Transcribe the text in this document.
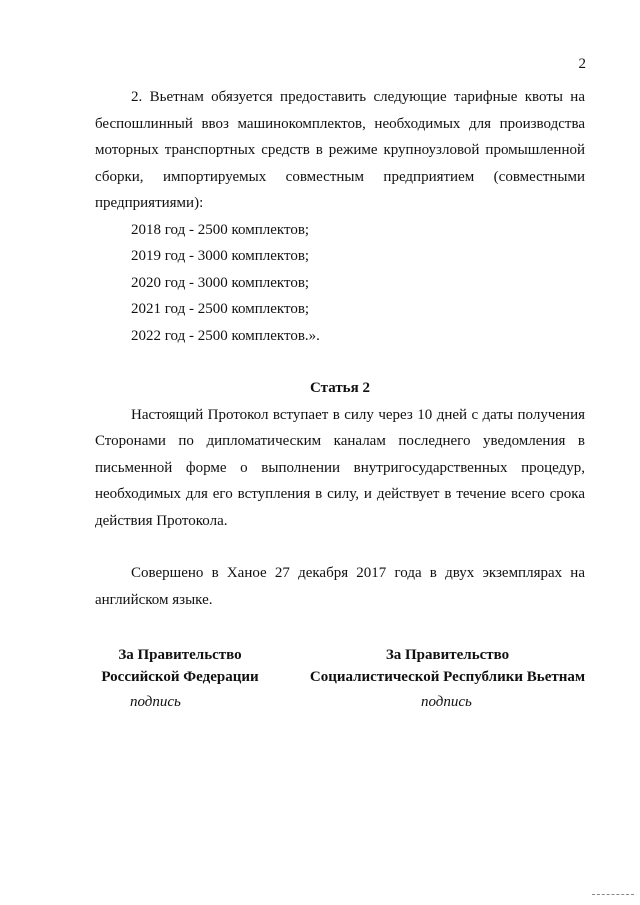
2

2. Вьетнам обязуется предоставить следующие тарифные квоты на беспошлинный ввоз машинокомплектов, необходимых для производства моторных транспортных средств в режиме крупноузловой промышленной сборки, импортируемых совместным предприятием (совместными предприятиями):

2018 год - 2500 комплектов;
2019 год - 3000 комплектов;
2020 год - 3000 комплектов;
2021 год - 2500 комплектов;
2022 год - 2500 комплектов.».
Статья 2

Настоящий Протокол вступает в силу через 10 дней с даты получения Сторонами по дипломатическим каналам последнего уведомления в письменной форме о выполнении внутригосударственных процедур, необходимых для его вступления в силу, и действует в течение всего срока действия Протокола.

Совершено в Ханое 27 декабря 2017 года в двух экземплярах на английском языке.

За Правительство
Российской Федерации
За Правительство
Социалистической Республики Вьетнам
подпись	подпись
